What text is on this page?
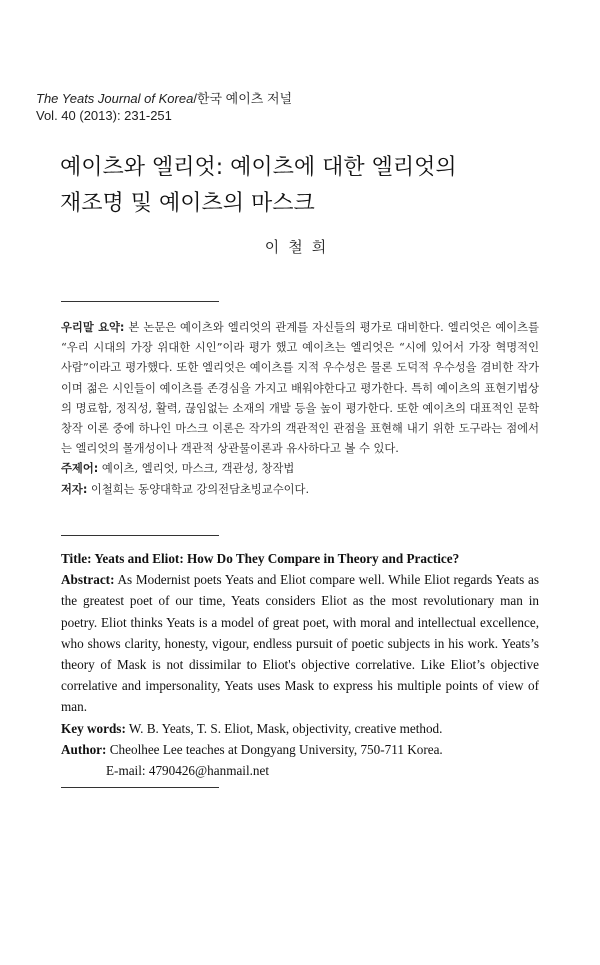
The Yeats Journal of Korea/한국 예이츠 저널
Vol. 40 (2013): 231-251
예이츠와 엘리엇: 예이츠에 대한 엘리엇의
재조명 및 예이츠의 마스크
이철희

우리말 요약: 본 논문은 예이츠와 엘리엇의 관계를 자신들의 평가로 대비한다. 엘리엇은 예이츠를 “우리 시대의 가장 위대한 시인”이라 평가 했고 예이츠는 엘리엇은 “시에 있어서 가장 혁명적인 사람”이라고 평가했다. 또한 엘리엇은 예이츠를 지적 우수성은 물론 도덕적 우수성을 겸비한 작가이며 젊은 시인들이 예이츠를 존경심을 가지고 배워야한다고 평가한다. 특히 예이츠의 표현기법상의 명료함, 정직성, 활력, 끊임없는 소재의 개발 등을 높이 평가한다. 또한 예이츠의 대표적인 문학창작 이론 중에 하나인 마스크 이론은 작가의 객관적인 관점을 표현해 내기 위한 도구라는 점에서는 엘리엇의 몰개성이나 객관적 상관물이론과 유사하다고 볼 수 있다.

주제어: 예이츠, 엘리엇, 마스크, 객관성, 창작법

저자: 이철희는 동양대학교 강의전담초빙교수이다.

Title: Yeats and Eliot: How Do They Compare in Theory and Practice?

Abstract: As Modernist poets Yeats and Eliot compare well. While Eliot regards Yeats as the greatest poet of our time, Yeats considers Eliot as the most revolutionary man in poetry. Eliot thinks Yeats is a model of great poet, with moral and intellectual excellence, who shows clarity, honesty, vigour, endless pursuit of poetic subjects in his work. Yeats’s theory of Mask is not dissimilar to Eliot's objective correlative. Like Eliot’s objective correlative and impersonality, Yeats uses Mask to express his multiple points of view of man.

Key words: W. B. Yeats, T. S. Eliot, Mask, objectivity, creative method.

Author: Cheolhee Lee teaches at Dongyang University, 750-711 Korea.

E-mail: 4790426@hanmail.net
